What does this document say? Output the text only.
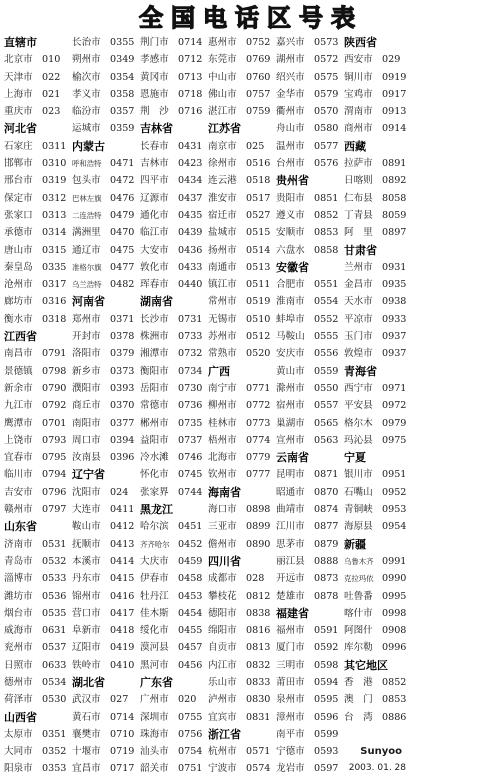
全国电话区号表
直辖市
北京市 010
天津市 022
上海市 021
重庆市 023
河北省
石家庄 0311
邯郸市 0310
邢台市 0319
保定市 0312
张家口 0313
承德市 0314
唐山市 0315
秦皇岛 0335
沧州市 0317
廊坊市 0316
衡水市 0318
江西省
南昌市 0791
景德镇 0798
新余市 0790
九江市 0792
鹰潭市 0701
上饶市 0793
宜春市 0795
临川市 0794
吉安市 0796
赣州市 0797
山东省
济南市 0531
青岛市 0532
淄博市 0533
潍坊市 0536
烟台市 0535
威海市 0631
兖州市 0537
日照市 0633
德州市 0534
荷泽市 0530
山西省
太原市 0351
大同市 0352
阳泉市 0353
长治市 0355
朔州市 0349
榆次市 0354
孝义市 0358
临汾市 0357
运城市 0359
内蒙古
呼和浩特 0471
包头市 0472
巴林左旗 0476
二连浩特 0479
满洲里 0470
通辽市 0475
准格尔旗 0477
乌兰浩特 0482
河南省
郑州市 0371
开封市 0378
洛阳市 0379
新乡市 0373
濮阳市 0393
商丘市 0370
南阳市 0377
周口市 0394
汝南县 0396
辽宁省
沈阳市 024
大连市 0411
鞍山市 0412
抚顺市 0413
本溪市 0414
丹东市 0415
锦州市 0416
营口市 0417
阜新市 0418
辽阳市 0419
铁岭市 0410
湖北省
武汉市 027
黄石市 0714
襄樊市 0710
十堰市 0719
宜昌市 0717
荆门市 0714
孝感市 0712
黄冈市 0713
恩施市 0718
荆　沙 0716
吉林省
长春市 0431
吉林市 0423
四平市 0434
辽源市 0437
通化市 0435
临江市 0439
大安市 0436
敦化市 0433
珲春市 0440
湖南省
长沙市 0731
株洲市 0733
湘潭市 0732
衡阳市 0734
岳阳市 0730
常德市 0736
郴州市 0735
益阳市 0737
冷水滩 0746
怀化市 0745
张家界 0744
黑龙江
哈尔滨 0451
齐齐哈尔 0452
大庆市 0459
伊春市 0458
牡丹江 0453
佳木斯 0454
绥化市 0455
漠河县 0457
黑河市 0456
广东省
广州市 020
深圳市 0755
珠海市 0756
汕头市 0754
韶关市 0751
惠州市 0752
东莞市 0769
中山市 0760
佛山市 0757
湛江市 0759
江苏省
南京市 025
徐州市 0516
连云港 0518
淮安市 0517
宿迁市 0527
盐城市 0515
扬州市 0514
南通市 0513
镇江市 0511
常州市 0519
无锡市 0510
苏州市 0512
常熟市 0520
广西
南宁市 0771
柳州市 0772
桂林市 0773
梧州市 0774
北海市 0779
钦州市 0777
海南省
海口市 0898
三亚市 0899
儋州市 0890
四川省
成都市 028
攀枝花 0812
德阳市 0838
绵阳市 0816
自贡市 0813
内江市 0832
乐山市 0833
泸州市 0830
宜宾市 0831
浙江省
杭州市 0571
宁波市 0574
嘉兴市 0573
湖州市 0572
绍兴市 0575
金华市 0579
衢州市 0570
舟山市 0580
温州市 0577
台州市 0576
贵州省
贵阳市 0851
遵义市 0852
安顺市 0853
六盘水 0858
安徽省
合肥市 0551
淮南市 0554
蚌埠市 0552
马鞍山 0555
安庆市 0556
黄山市 0559
滁州市 0550
宿州市 0557
巢湖市 0565
宣州市 0563
云南省
昆明市 0871
昭通市 0870
曲靖市 0874
江川市 0877
思茅市 0879
丽江县 0888
开远市 0873
楚雄市 0878
福建省
福州市 0591
厦门市 0592
三明市 0598
莆田市 0594
泉州市 0595
漳州市 0596
南平市 0599
宁德市 0593
龙岩市 0597
陕西省
西安市 029
铜川市 0919
宝鸡市 0917
渭南市 0913
商州市 0914
西藏
拉萨市 0891
日喀则 0892
仁布县 8058
丁青县 8059
阿　里 0897
甘肃省
兰州市 0931
金昌市 0935
天水市 0938
平凉市 0933
玉门市 0937
敦煌市 0937
青海省
西宁市 0971
平安县 0972
格尔木 0979
玛沁县 0975
宁夏
银川市 0951
石嘴山 0952
青铜峡 0953
海原县 0954
新疆
乌鲁木齐 0991
克拉玛依 0990
吐鲁番 0995
喀什市 0998
阿图什 0908
库尔勒 0996
其它地区
香　港 0852
澳　门 0853
台　湾 0886
Sunyoo
2003. 01. 28
